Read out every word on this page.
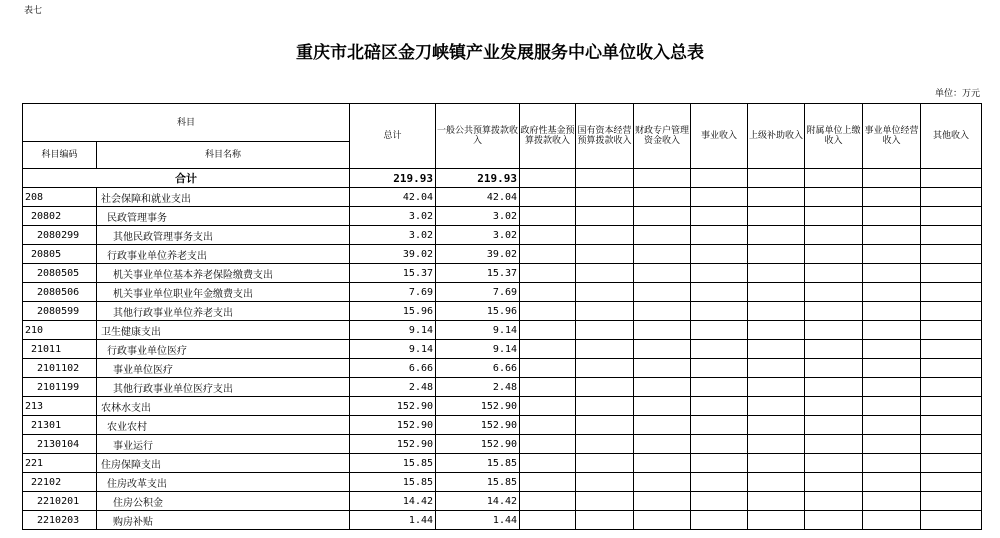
表七
重庆市北碚区金刀峡镇产业发展服务中心单位收入总表
单位：万元
科目		总计	一般公共预算拨款收入	政府性基金预算拨款收入	国有资本经营预算拨款收入	财政专户管理资金收入	事业收入	上级补助收入	附属单位上缴收入	事业单位经营收入	其他收入
科目编码	科目名称										
合计		219.93	219.93								
208	社会保障和就业支出	42.04	42.04								
20802	民政管理事务	3.02	3.02								
2080299	其他民政管理事务支出	3.02	3.02								
20805	行政事业单位养老支出	39.02	39.02								
2080505	机关事业单位基本养老保险缴费支出	15.37	15.37								
2080506	机关事业单位职业年金缴费支出	7.69	7.69								
2080599	其他行政事业单位养老支出	15.96	15.96								
210	卫生健康支出	9.14	9.14								
21011	行政事业单位医疗	9.14	9.14								
2101102	事业单位医疗	6.66	6.66								
2101199	其他行政事业单位医疗支出	2.48	2.48								
213	农林水支出	152.90	152.90								
21301	农业农村	152.90	152.90								
2130104	事业运行	152.90	152.90								
221	住房保障支出	15.85	15.85								
22102	住房改革支出	15.85	15.85								
2210201	住房公积金	14.42	14.42								
2210203	购房补贴	1.44	1.44								
